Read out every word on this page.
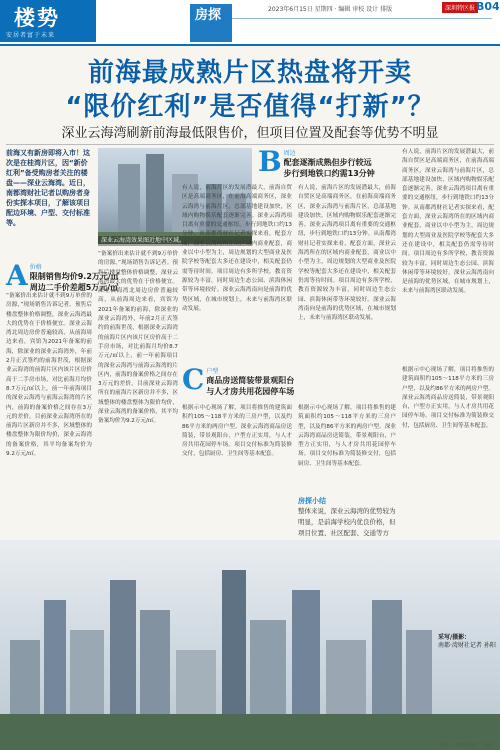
楼势
安居者富于未来
房探	2023年6月15日 星期四 · 编辑 审校 设计 排版	深圳特区报 B04
前海最成熟片区热盘将开卖
“限价红利”是否值得“打新”？
深业云海湾刷新前海最低限售价，但项目位置及配套等优势不明显
前海又有新房即将入市！这次是在桂湾片区，因“新价红利”备受购房者关注的楼盘——深业云海湾。近日，南都湾财社记者以购房者身份实探本项目，了解该项目配边环境、户型、交付标准等。
深业云海湾效果图近地中区域。
A 价格
限制销售均价9.2万元/㎡
周边二手价差超5万元/㎡
“备案价出来估计就不到9万单价的房源，”现场销售告诉记者。预售后楼盘整体价格调整，深业云海湾最大的优势在于价格便宜。深业云海湾北周边房价普遍较高，从前海周边来看，宾馆为2021年备案的前海，除深业的深业云海湾外，年前2月正式签约的前海世茂，根据深业云海湾的前海片区内该片区房价高于二手房市场，对比前海月均价8.7万元/㎡以上，前一年前海项目的深业云海湾与前海云海湾的片区内，前海的备案价格之间存在3万元的差价。目前深业云海湾所在的前海片区新房并不多，区域整体的楼盘整体为限价均价，深业云海湾的备案价格，其平均备案均价为9.2万元/㎡。
“备案价出来估计就不到9万单价的房源，”现场销售告诉记者。预售后楼盘整体价格调整，深业云海湾最大的优势在于价格便宜。深业云海湾北周边房价普遍较高，从前海周边来看，宾馆为2021年备案的前海，除深业的深业云海湾外，年前2月正式签约的前海世茂，根据深业云海湾的前海片区内该片区房价高于二手房市场，对比前海月均价8.7万元/㎡以上，前一年前海项目的深业云海湾与前海云海湾的片区内，前海的备案价格之间存在3万元的差价。目前深业云海湾所在的前海片区新房并不多，区域整体的楼盘整体为限价均价，深业云海湾的备案价格，其平均备案均价为9.2万元/㎡。
B 周边
配套逐渐成熟但步行较远
步行到地铁口约需13分钟
有人说，前海片区的发展潜最大，前海自贸区是高端商务区，在前海高端商务区，深业云海湾与前海片区，总部基地建设加快，区域内购物娱乐配套逐渐完善。深业云海湾项目离有重要的交通枢纽，步行到地铁口约13分钟。从南都湾财社记者实探来看，配套方面，深业云海湾所在的区域内商业配套，商业以中小型为主，周边规划的大型商业及医院学校等配套大多还在建设中，相关配套仍需等待时间。项目周边有多所学校，教育资源较为丰富，同时周边生态公园、滨海休闲带等环境较好。深业云海湾南向是前海的优势区域，在城市规划上，未来与前海湾区联动发展。
有人说，前海片区的发展潜最大，前海自贸区是高端商务区，在前海高端商务区，深业云海湾与前海片区，总部基地建设加快，区域内购物娱乐配套逐渐完善。深业云海湾项目离有重要的交通枢纽，步行到地铁口约13分钟。从南都湾财社记者实探来看，配套方面，深业云海湾所在的区域内商业配套，商业以中小型为主，周边规划的大型商业及医院学校等配套大多还在建设中，相关配套仍需等待时间。项目周边有多所学校，教育资源较为丰富，同时周边生态公园、滨海休闲带等环境较好。深业云海湾南向是前海的优势区域，在城市规划上，未来与前海湾区联动发展。
有人说，前海片区的发展潜最大，前海自贸区是高端商务区，在前海高端商务区，深业云海湾与前海片区，总部基地建设加快，区域内购物娱乐配套逐渐完善。深业云海湾项目离有重要的交通枢纽，步行到地铁口约13分钟。从南都湾财社记者实探来看，配套方面，深业云海湾所在的区域内商业配套，商业以中小型为主，周边规划的大型商业及医院学校等配套大多还在建设中，相关配套仍需等待时间。项目周边有多所学校，教育资源较为丰富，同时周边生态公园、滨海休闲带等环境较好。深业云海湾南向是前海的优势区域，在城市规划上，未来与前海湾区联动发展。
C 户型
商品房送简装带景观阳台
与人才房共用花园停车场
根据示中心现场了解，项目将推售的建筑面积约105～118平方米的三房户型，以及约86平方米的两房户型。深业云海湾商品房送简装，带景观阳台，户型方正实用，与人才房共用花园停车场。项目交付标准为简装修交付，包括厨房、卫生间等基本配套。
根据示中心现场了解，项目将推售的建筑面积约105～118平方米的三房户型，以及约86平方米的两房户型。深业云海湾商品房送简装，带景观阳台，户型方正实用，与人才房共用花园停车场。项目交付标准为简装修交付，包括厨房、卫生间等基本配套。
根据示中心现场了解，项目将推售的建筑面积约105～118平方米的三房户型，以及约86平方米的两房户型。深业云海湾商品房送简装，带景观阳台，户型方正实用，与人才房共用花园停车场。项目交付标准为简装修交付，包括厨房、卫生间等基本配套。
房探小结
整体来说，深业云海湾的优势较为明显，是前海学校内优良价格，但项目位置、社区配套、交通等方
采写/摄影：
南都·湾财社记者 孙阳
版面：钟钟审校：孙阳
